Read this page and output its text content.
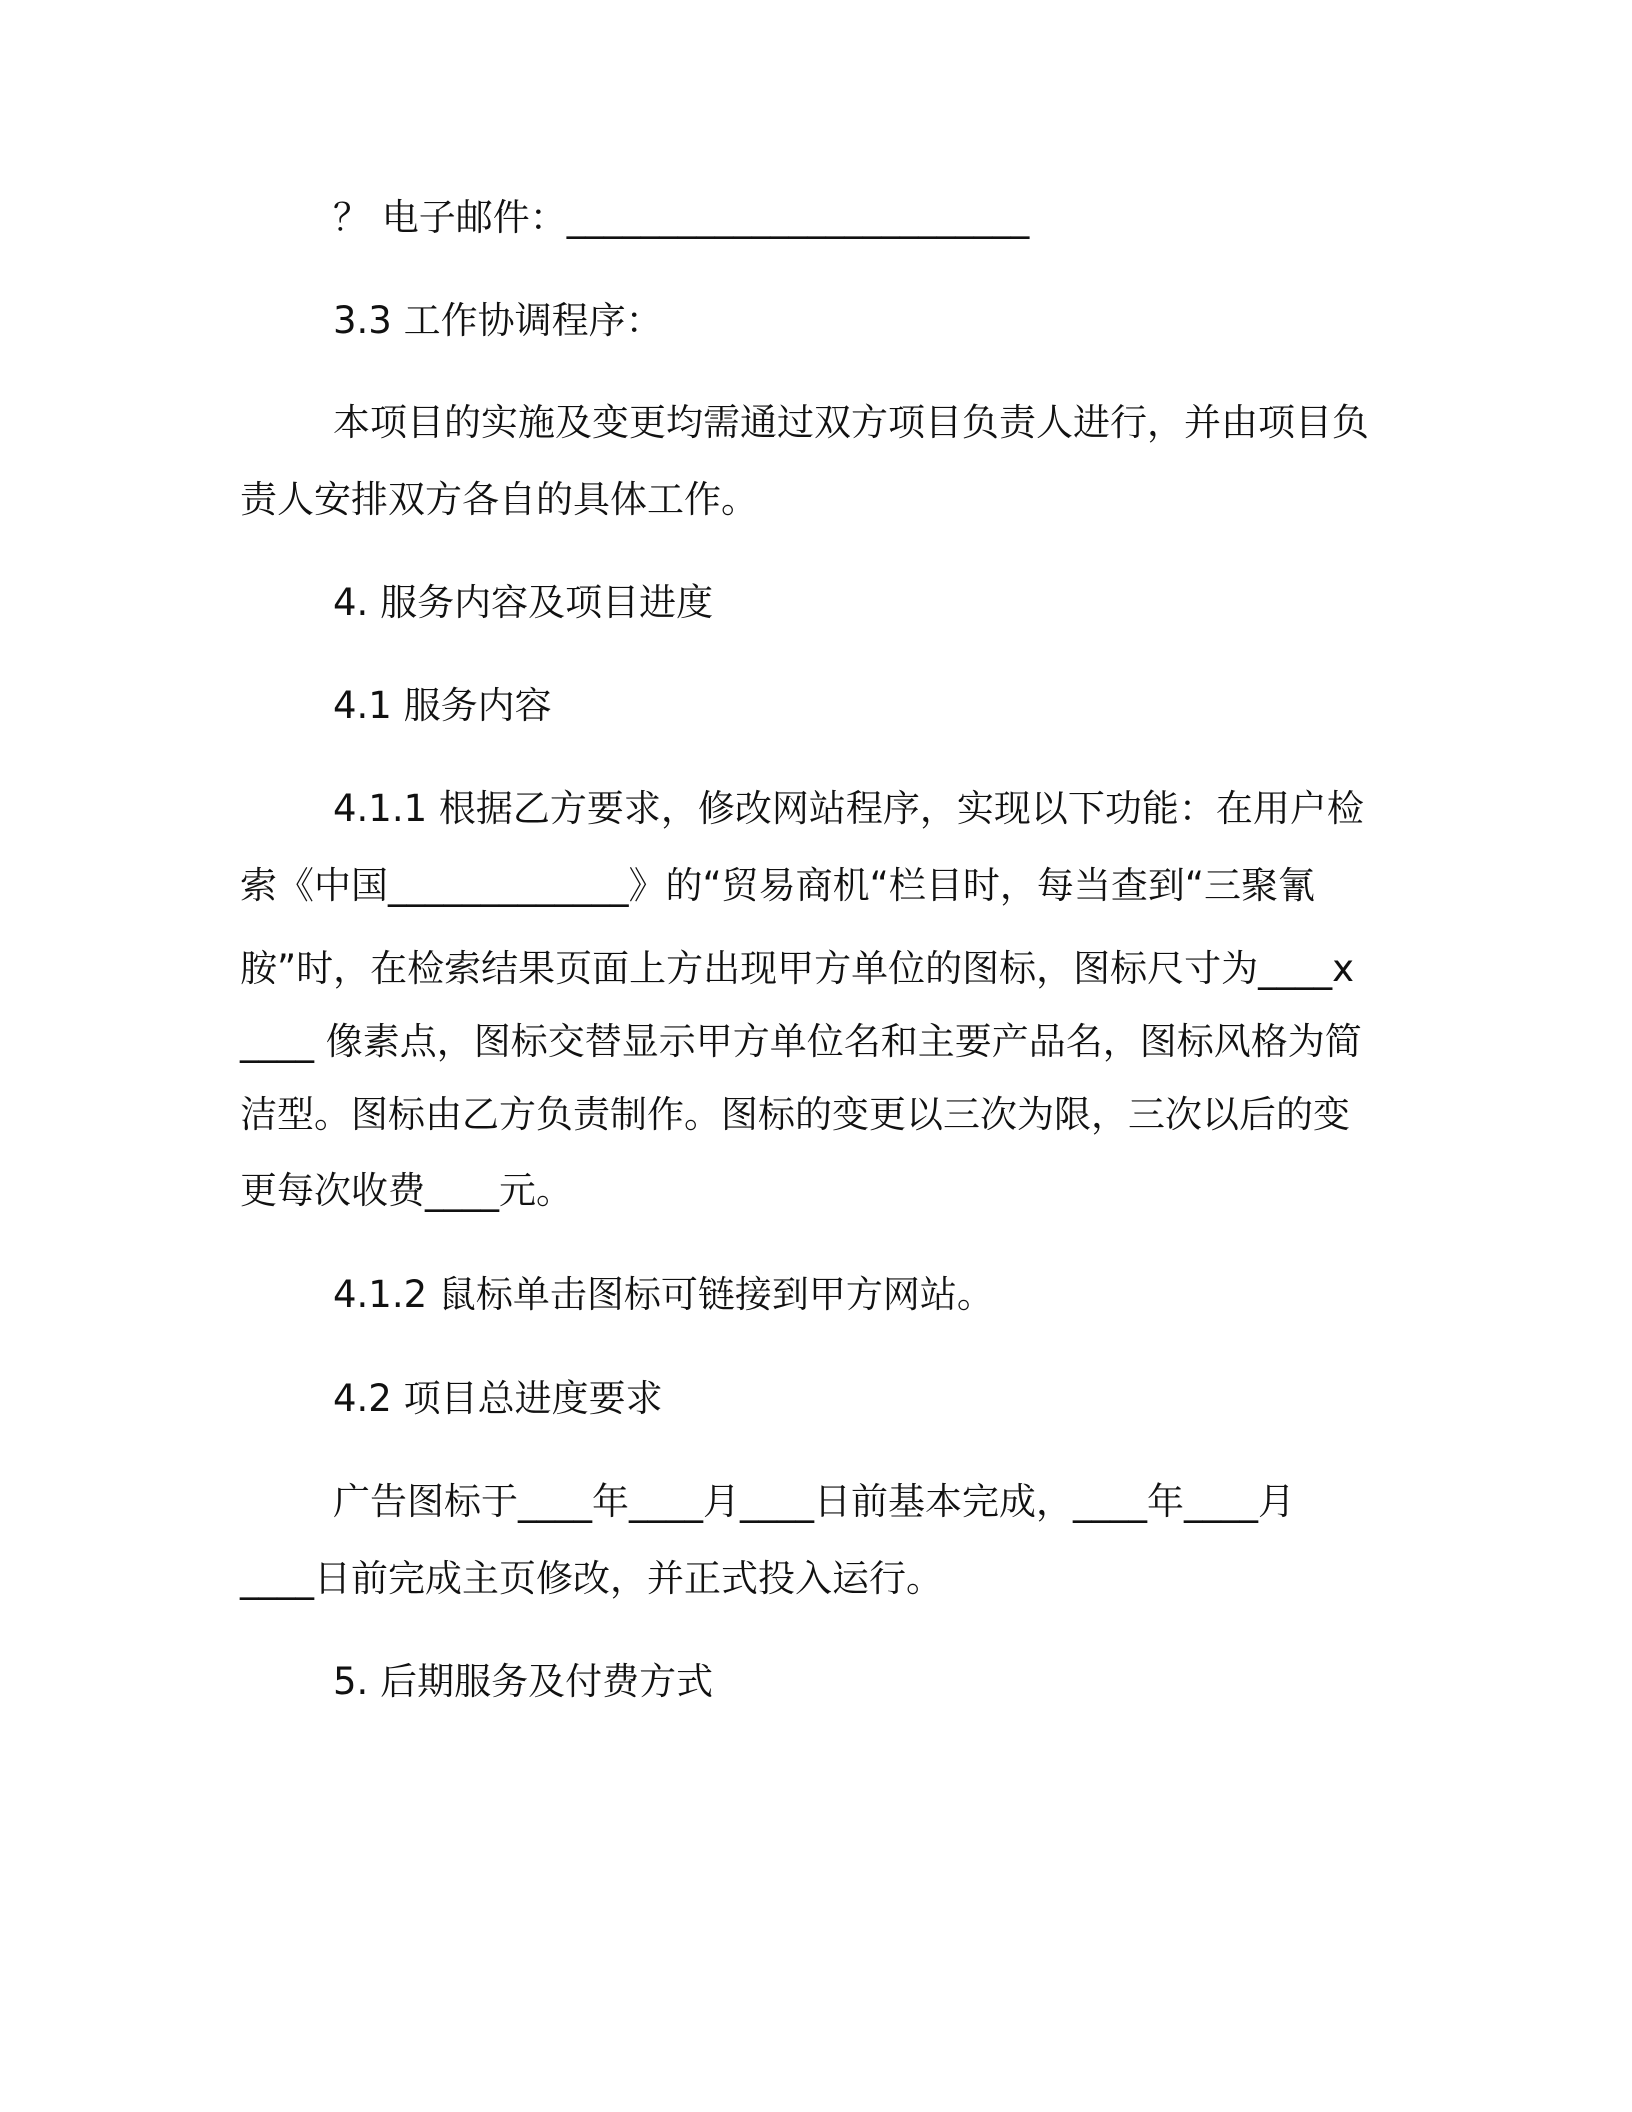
？ 电子邮件：_________________________
3.3 工作协调程序：
本项目的实施及变更均需通过双方项目负责人进行，并由项目负
责人安排双方各自的具体工作。
4. 服务内容及项目进度
4.1 服务内容
4.1.1 根据乙方要求，修改网站程序，实现以下功能：在用户检
索《中国_____________》的“贸易商机“栏目时，每当查到“三聚氰
胺”时，在检索结果页面上方出现甲方单位的图标，图标尺寸为____x
____ 像素点，图标交替显示甲方单位名和主要产品名，图标风格为简
洁型。图标由乙方负责制作。图标的变更以三次为限，三次以后的变
更每次收费____元。
4.1.2 鼠标单击图标可链接到甲方网站。
4.2 项目总进度要求
广告图标于____年____月____日前基本完成，____年____月
____日前完成主页修改，并正式投入运行。
5. 后期服务及付费方式
